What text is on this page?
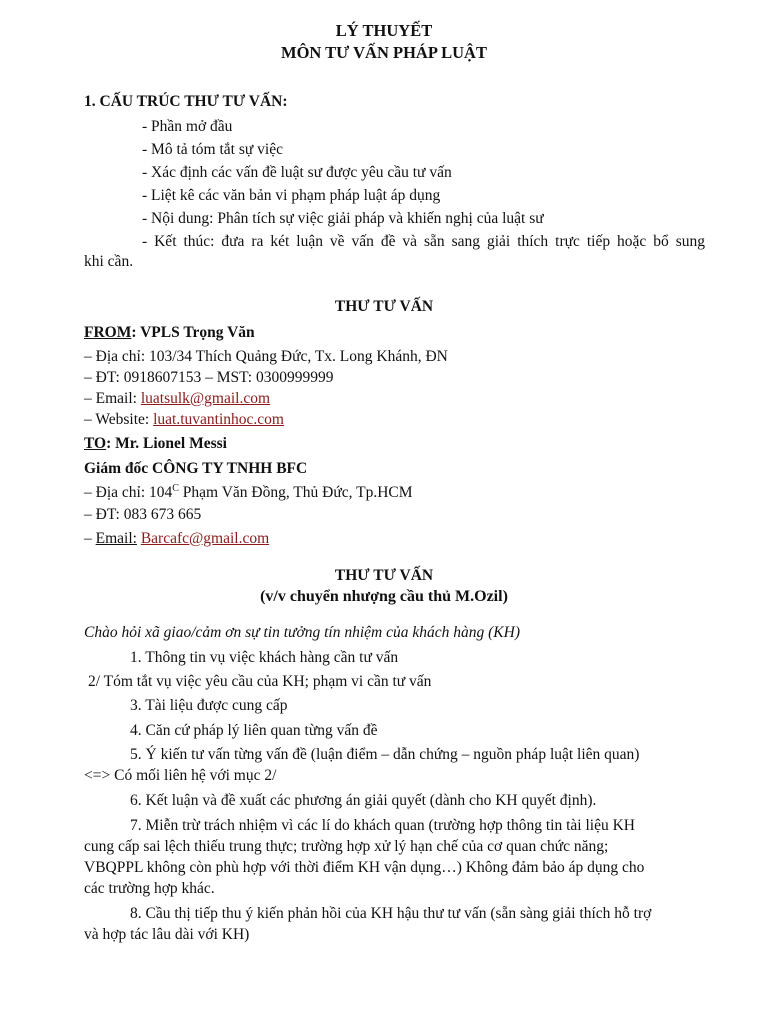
LÝ THUYẾT
MÔN TƯ VẤN PHÁP LUẬT
1. CẤU TRÚC THƯ TƯ VẤN:
- Phần mở đầu
- Mô tả tóm tắt sự việc
- Xác định các vấn đề luật sư được yêu cầu tư vấn
- Liệt kê các văn bản vi phạm pháp luật áp dụng
- Nội dung: Phân tích sự việc giải pháp và khiến nghị của luật sư
- Kết thúc: đưa ra két luận về vấn đề và sẵn sang giải thích trực tiếp hoặc bổ sung
khi cần.
THƯ TƯ VẤN
FROM: VPLS Trọng Văn
– Địa chỉ: 103/34 Thích Quảng Đức, Tx. Long Khánh, ĐN
– ĐT: 0918607153 – MST: 0300999999
– Email: luatsulk@gmail.com
– Website: luat.tuvantinhoc.com
TO: Mr. Lionel Messi
Giám đốc CÔNG TY TNHH BFC
– Địa chỉ: $104^C$ Phạm Văn Đồng, Thủ Đức, Tp.HCM
– ĐT: 083 673 665
– Email: Barcafc@gmail.com
THƯ TƯ VẤN
(v/v chuyển nhượng cầu thủ M.Ozil)
Chào hỏi xã giao/cảm ơn sự tin tưởng tín nhiệm của khách hàng (KH)
1. Thông tin vụ việc khách hàng cần tư vấn
2/ Tóm tắt vụ việc yêu cầu của KH; phạm vi cần tư vấn
3. Tài liệu được cung cấp
4. Căn cứ pháp lý liên quan từng vấn đề
5. Ý kiến tư vấn từng vấn đề (luận điểm – dẫn chứng – nguồn pháp luật liên quan)
<=> Có mối liên hệ với mục 2/
6. Kết luận và đề xuất các phương án giải quyết (dành cho KH quyết định).
7. Miễn trừ trách nhiệm vì các lí do khách quan (trường hợp thông tin tài liệu KH
cung cấp sai lệch thiếu trung thực; trường hợp xử lý hạn chế của cơ quan chức năng;
VBQPPL không còn phù hợp với thời điểm KH vận dụng…) Không đảm bảo áp dụng cho
các trường hợp khác.
8. Cầu thị tiếp thu ý kiến phản hồi của KH hậu thư tư vấn (sẵn sàng giải thích hỗ trợ
và hợp tác lâu dài với KH)
